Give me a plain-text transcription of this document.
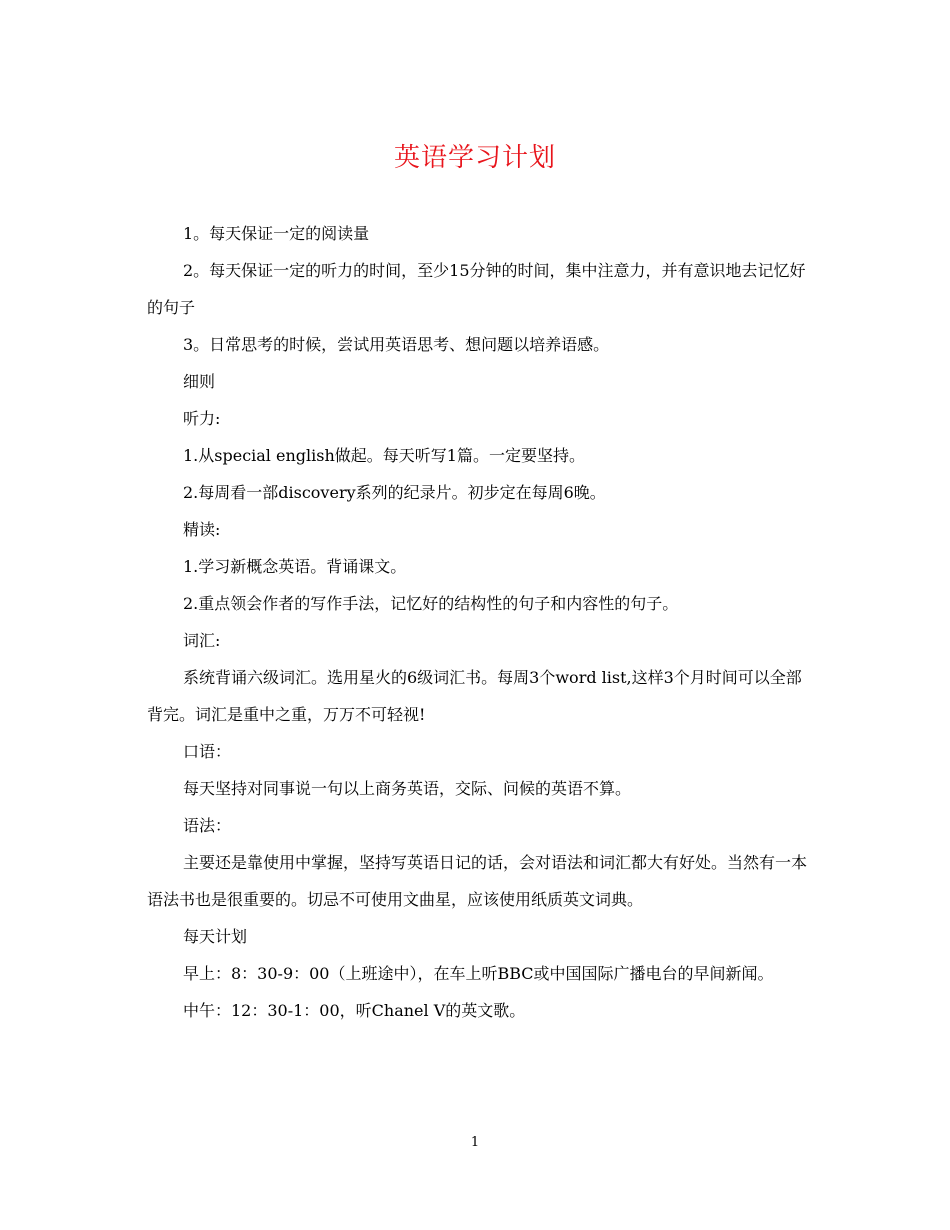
英语学习计划

1。每天保证一定的阅读量

2。每天保证一定的听力的时间，至少15分钟的时间，集中注意力，并有意识地去记忆好的句子

3。日常思考的时候，尝试用英语思考、想问题以培养语感。

细则

听力:

1.从special english做起。每天听写1篇。一定要坚持。

2.每周看一部discovery系列的纪录片。初步定在每周6晚。

精读:

1.学习新概念英语。背诵课文。

2.重点领会作者的写作手法，记忆好的结构性的句子和内容性的句子。

词汇:

系统背诵六级词汇。选用星火的6级词汇书。每周3个word list,这样3个月时间可以全部背完。词汇是重中之重，万万不可轻视!

口语：

每天坚持对同事说一句以上商务英语，交际、问候的英语不算。

语法：

主要还是靠使用中掌握，坚持写英语日记的话，会对语法和词汇都大有好处。当然有一本语法书也是很重要的。切忌不可使用文曲星，应该使用纸质英文词典。

每天计划

早上：8：30-9：00（上班途中），在车上听BBC或中国国际广播电台的早间新闻。

中午：12：30-1：00，听Chanel V的英文歌。

1
